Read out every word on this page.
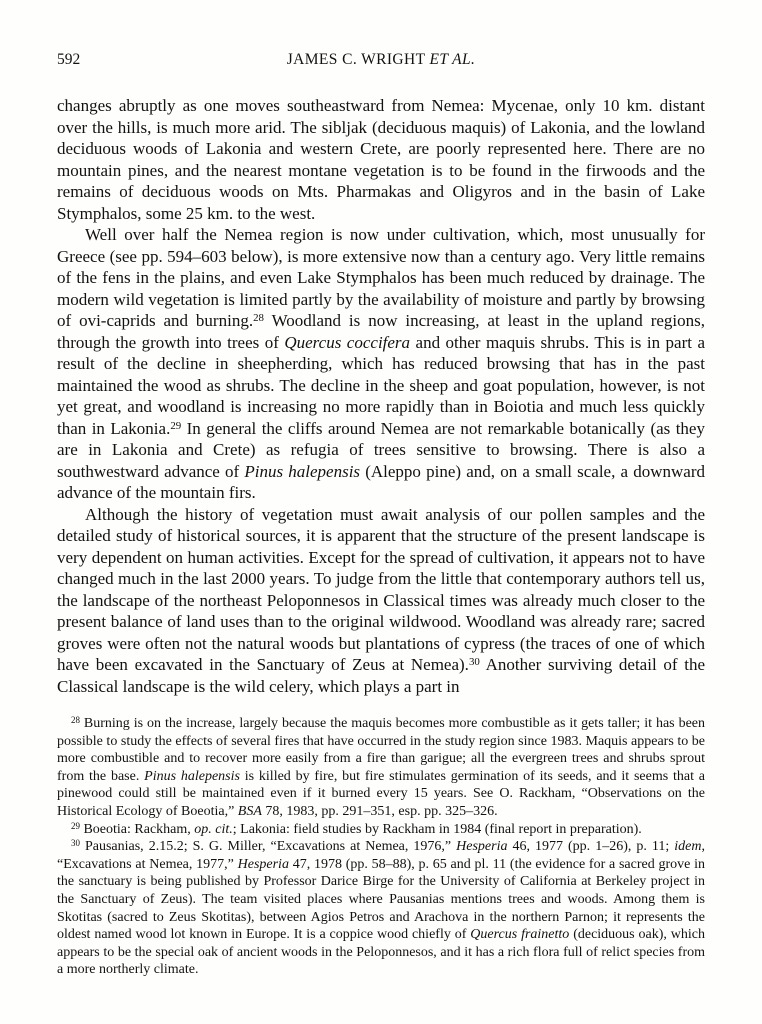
592	JAMES C. WRIGHT ET AL.

changes abruptly as one moves southeastward from Nemea: Mycenae, only 10 km. distant over the hills, is much more arid. The sibljak (deciduous maquis) of Lakonia, and the lowland deciduous woods of Lakonia and western Crete, are poorly represented here. There are no mountain pines, and the nearest montane vegetation is to be found in the firwoods and the remains of deciduous woods on Mts. Pharmakas and Oligyros and in the basin of Lake Stymphalos, some 25 km. to the west.

Well over half the Nemea region is now under cultivation, which, most unusually for Greece (see pp. 594–603 below), is more extensive now than a century ago. Very little remains of the fens in the plains, and even Lake Stymphalos has been much reduced by drainage. The modern wild vegetation is limited partly by the availability of moisture and partly by browsing of ovi-caprids and burning.$^{28}$ Woodland is now increasing, at least in the upland regions, through the growth into trees of Quercus coccifera and other maquis shrubs. This is in part a result of the decline in sheepherding, which has reduced browsing that has in the past maintained the wood as shrubs. The decline in the sheep and goat population, however, is not yet great, and woodland is increasing no more rapidly than in Boiotia and much less quickly than in Lakonia.$^{29}$ In general the cliffs around Nemea are not remarkable botanically (as they are in Lakonia and Crete) as refugia of trees sensitive to browsing. There is also a southwestward advance of Pinus halepensis (Aleppo pine) and, on a small scale, a downward advance of the mountain firs.

Although the history of vegetation must await analysis of our pollen samples and the detailed study of historical sources, it is apparent that the structure of the present landscape is very dependent on human activities. Except for the spread of cultivation, it appears not to have changed much in the last 2000 years. To judge from the little that contemporary authors tell us, the landscape of the northeast Peloponnesos in Classical times was already much closer to the present balance of land uses than to the original wildwood. Woodland was already rare; sacred groves were often not the natural woods but plantations of cypress (the traces of one of which have been excavated in the Sanctuary of Zeus at Nemea).$^{30}$ Another surviving detail of the Classical landscape is the wild celery, which plays a part in

$^{28}$ Burning is on the increase, largely because the maquis becomes more combustible as it gets taller; it has been possible to study the effects of several fires that have occurred in the study region since 1983. Maquis appears to be more combustible and to recover more easily from a fire than garigue; all the evergreen trees and shrubs sprout from the base. Pinus halepensis is killed by fire, but fire stimulates germination of its seeds, and it seems that a pinewood could still be maintained even if it burned every 15 years. See O. Rackham, “Observations on the Historical Ecology of Boeotia,” BSA 78, 1983, pp. 291–351, esp. pp. 325–326.

$^{29}$ Boeotia: Rackham, op. cit.; Lakonia: field studies by Rackham in 1984 (final report in preparation).

$^{30}$ Pausanias, 2.15.2; S. G. Miller, “Excavations at Nemea, 1976,” Hesperia 46, 1977 (pp. 1–26), p. 11; idem, “Excavations at Nemea, 1977,” Hesperia 47, 1978 (pp. 58–88), p. 65 and pl. 11 (the evidence for a sacred grove in the sanctuary is being published by Professor Darice Birge for the University of California at Berkeley project in the Sanctuary of Zeus). The team visited places where Pausanias mentions trees and woods. Among them is Skotitas (sacred to Zeus Skotitas), between Agios Petros and Arachova in the northern Parnon; it represents the oldest named wood lot known in Europe. It is a coppice wood chiefly of Quercus frainetto (deciduous oak), which appears to be the special oak of ancient woods in the Peloponnesos, and it has a rich flora full of relict species from a more northerly climate.
